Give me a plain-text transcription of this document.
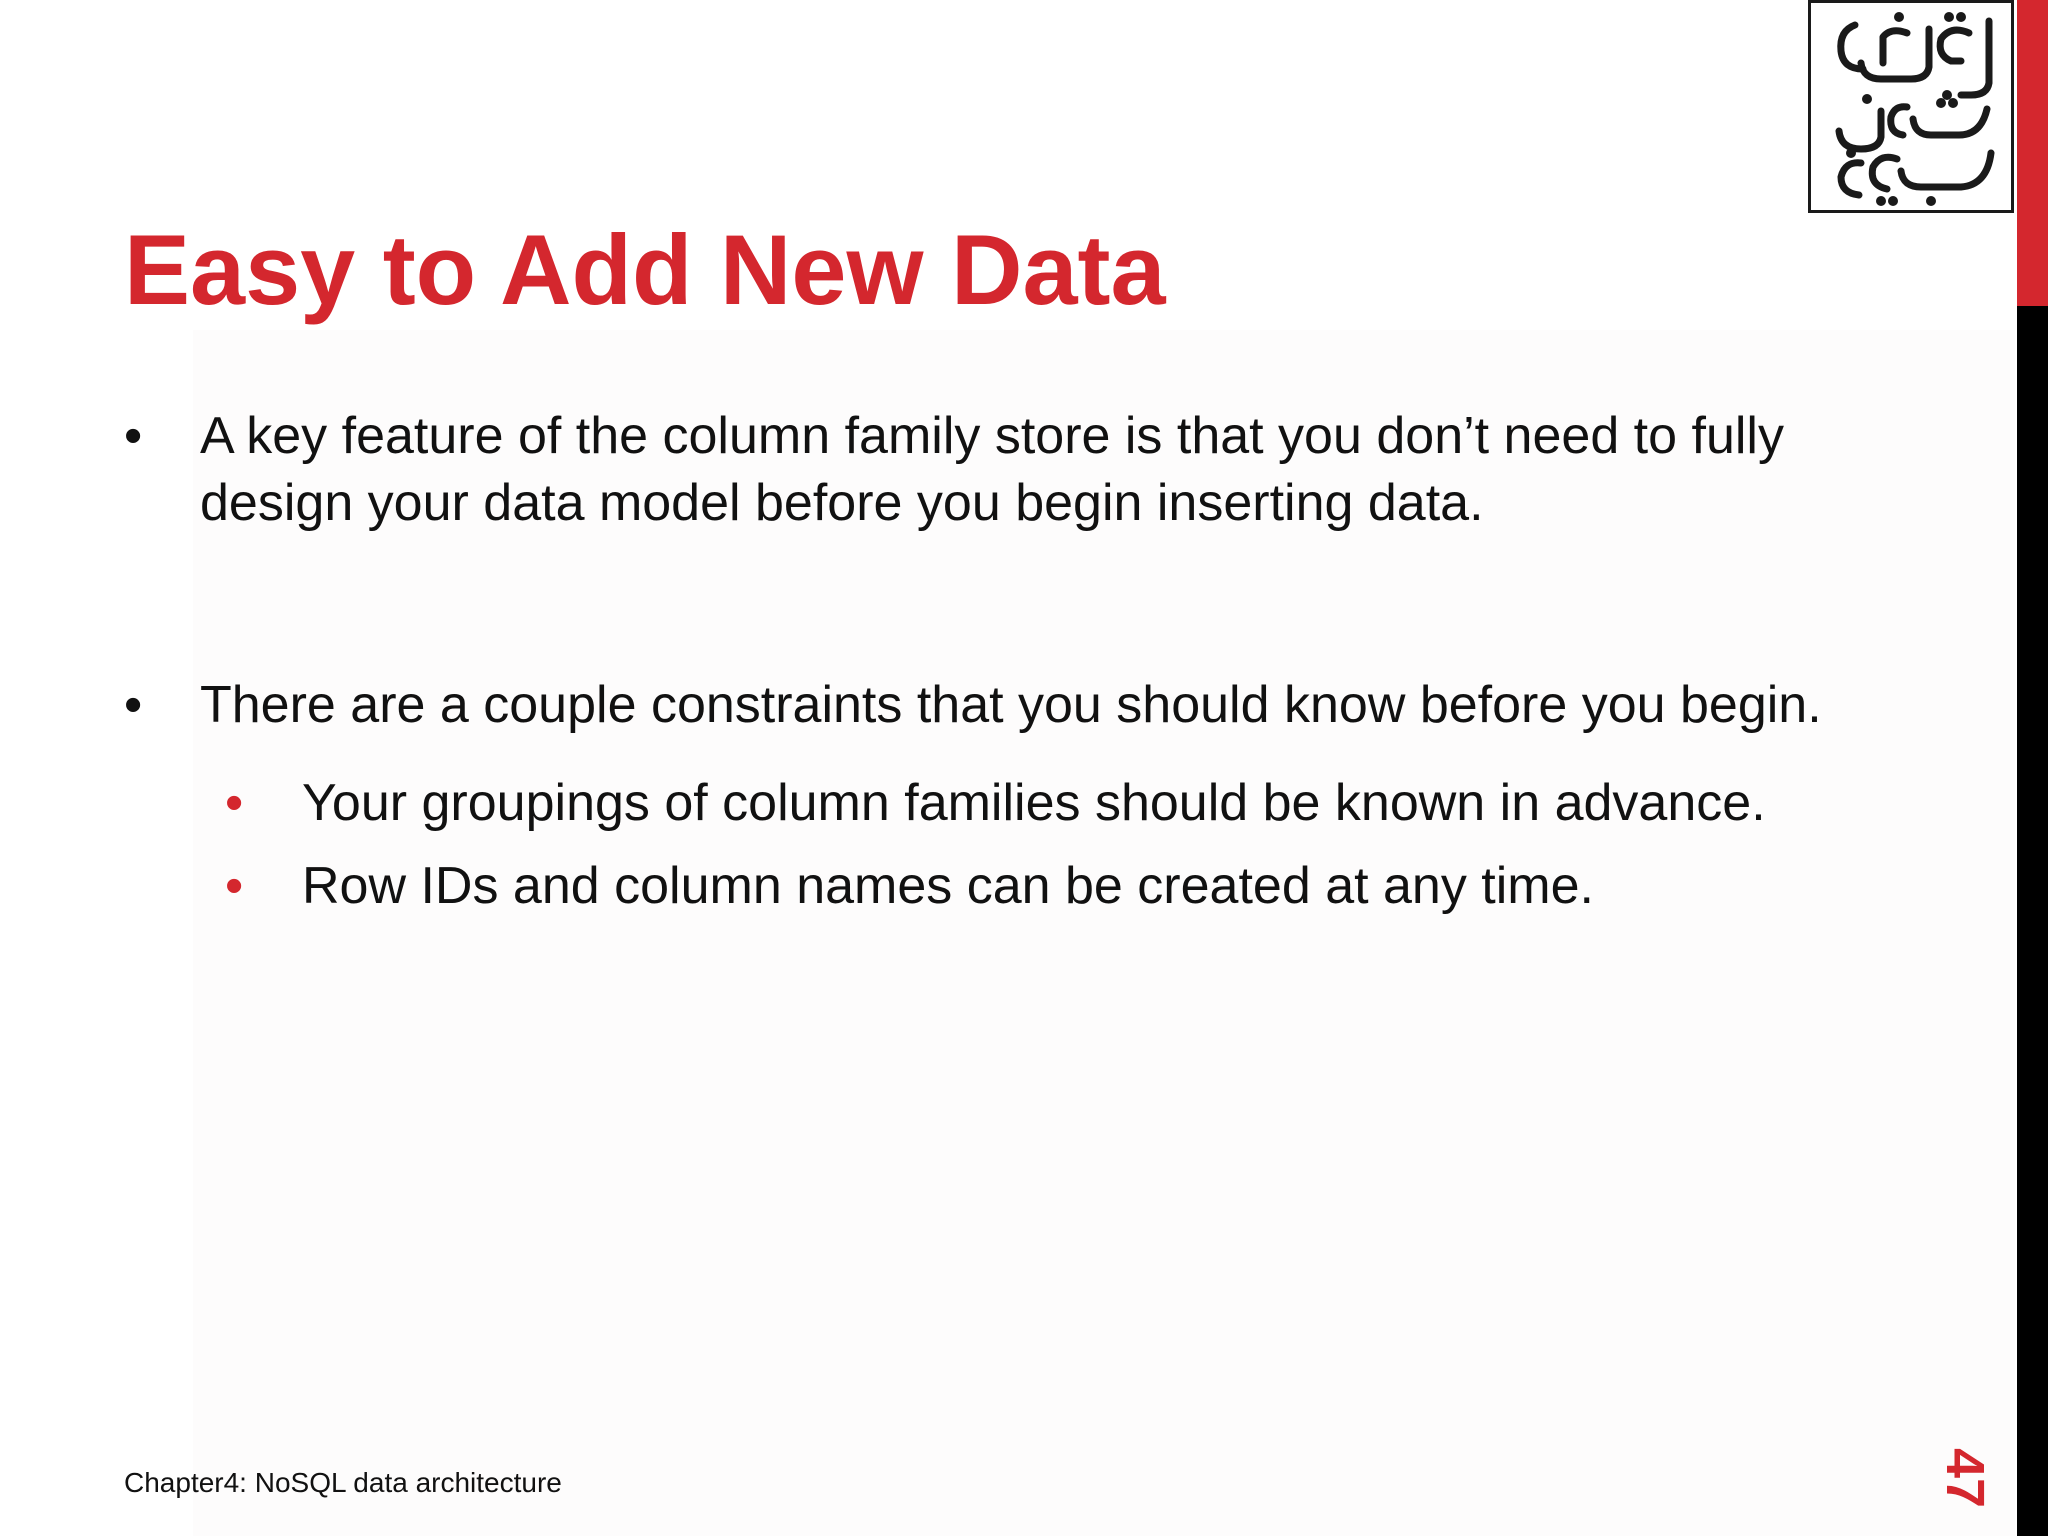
Easy to Add New Data
• A key feature of the column family store is that you don’t need to fully
design your data model before you begin inserting data.
• There are a couple constraints that you should know before you begin.
• Your groupings of column families should be known in advance.
• Row IDs and column names can be created at any time.
Chapter4: NoSQL data architecture	47
